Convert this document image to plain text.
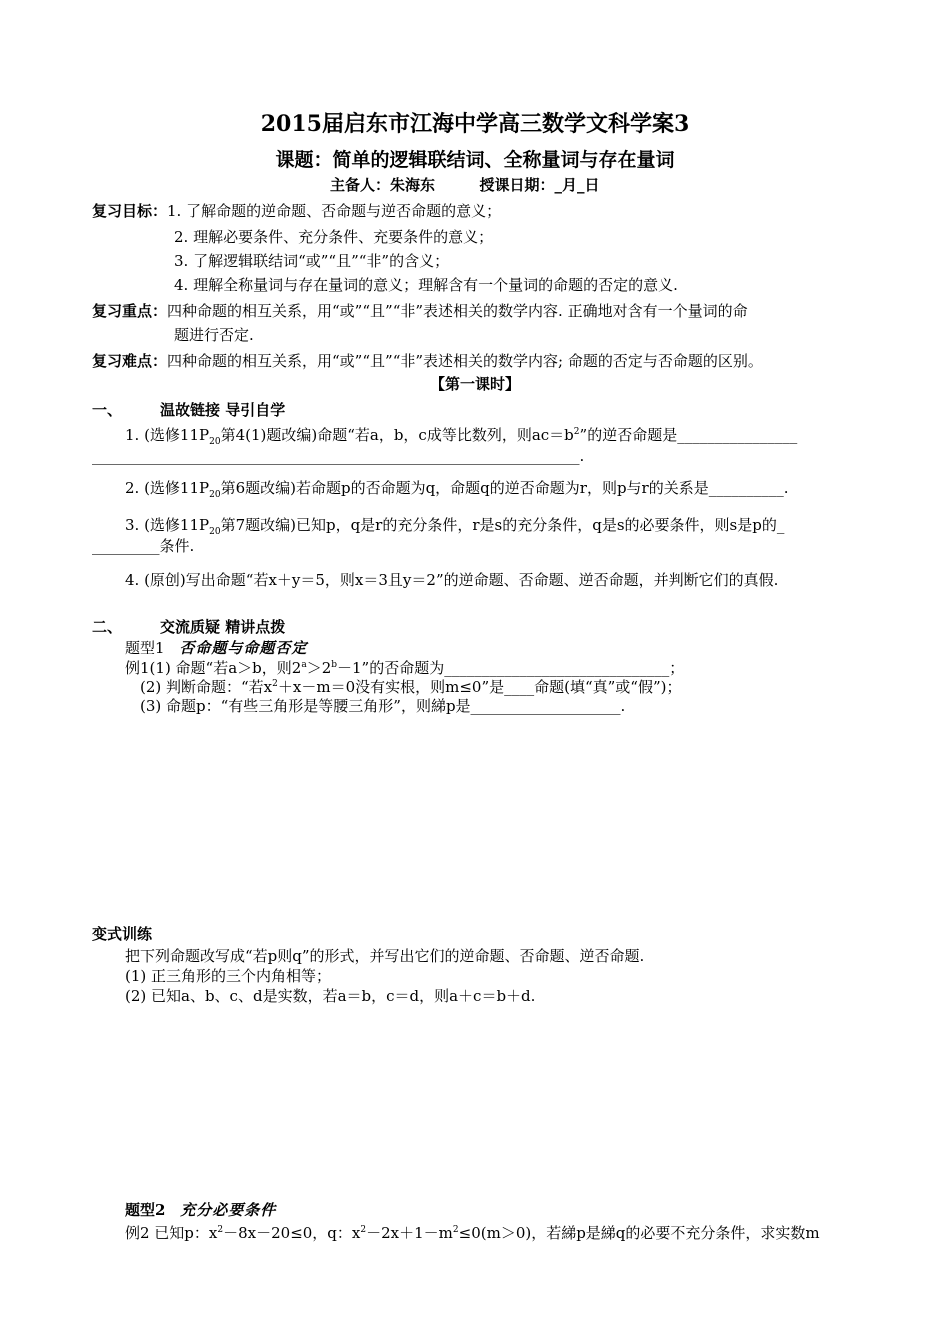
2015届启东市江海中学高三数学文科学案3
课题：简单的逻辑联结词、全称量词与存在量词
主备人：朱海东	授课日期：_月_日
复习目标：1. 了解命题的逆命题、否命题与逆否命题的意义；
2. 理解必要条件、充分条件、充要条件的意义；
3. 了解逻辑联结词“或”“且”“非”的含义；
4. 理解全称量词与存在量词的意义；理解含有一个量词的命题的否定的意义.
复习重点：四种命题的相互关系，用“或”“且”“非”表述相关的数学内容. 正确地对含有一个量词的命
题进行否定.
复习难点：四种命题的相互关系，用“或”“且”“非”表述相关的数学内容; 命题的否定与否命题的区别。
【第一课时】
一、	温故链接 导引自学
1. (选修$11P_{20}$第4(1)题改编)命题“若a，b，c成等比数列，则$ac=b^2$”的逆否命题是________________
_________________________________________________________________.
2. (选修$11P_{20}$第6题改编)若命题p的否命题为q，命题q的逆否命题为r，则p与r的关系是__________.
3. (选修$11P_{20}$第7题改编)已知p，q是r的充分条件，r是s的充分条件，q是s的必要条件，则s是p的_
_________条件.
4. (原创)写出命题“若x＋y＝5，则x＝3且y＝2”的逆命题、否命题、逆否命题，并判断它们的真假.
二、	交流质疑 精讲点拨
题型1 否命题与命题否定
例1(1) 命题“若a＞b，则$2^a>2^b-1$”的否命题为______________________________；
(2) 判断命题：“若$x^2+x-m=0$没有实根，则m≤0”是____命题(填“真”或“假”)；
(3) 命题p：“有些三角形是等腰三角形”，则綈p是____________________.
变式训练
把下列命题改写成“若p则q”的形式，并写出它们的逆命题、否命题、逆否命题.
(1) 正三角形的三个内角相等；
(2) 已知a、b、c、d是实数，若a＝b，c＝d，则a＋c＝b＋d.
题型2 充分必要条件
例2 已知p：$x^2-8x-20\le 0$，q：$x^2-2x+1-m^2\le 0(m>0)$，若綈p是綈q的必要不充分条件，求实数m
